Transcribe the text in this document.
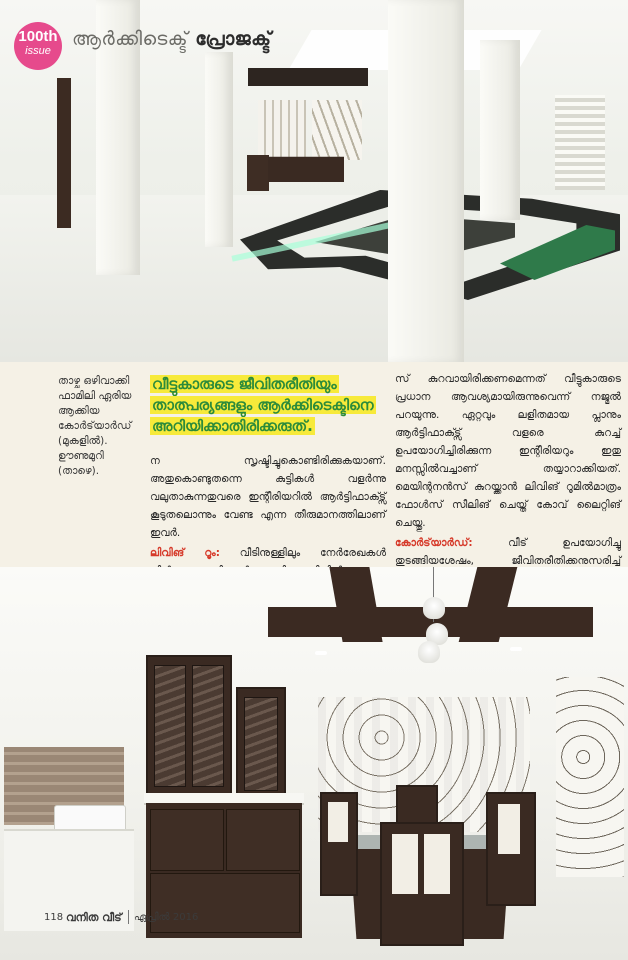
100th
issue
ആർക്കിടെക്ട് പ്രോജക്ട്
താഴ്ച ഒഴിവാക്കി
ഫാമിലി ഏരിയ
ആക്കിയ
കോർട്‌യാർഡ്
(മുകളിൽ).
ഊണുമുറി
(താഴെ).
വീട്ടുകാരുടെ ജീവിതരീതിയും
താത്പര്യങ്ങളും ആർക്കിടെക്ടിനെ
അറിയിക്കാതിരിക്കരുത്.
ന സൃഷ്ടിച്ചുകൊണ്ടിരിക്കുകയാണ്. അതുകൊണ്ടുതന്നെ കുട്ടികൾ വളർന്നു വലുതാകുന്നതുവരെ ഇന്റീരിയറിൽ ആർട്ടിഫാക്ട്സ് കൂടുതലൊന്നും വേണ്ട എന്ന തീരുമാനത്തിലാണ് ഇവർ.
ലിവിങ് റൂം: വീടിനുള്ളിലും നേർരേഖകൾ
സ് കുറവായിരിക്കണമെന്നത് വീട്ടുകാരുടെ പ്രധാന ആവശ്യമായിരുന്നുവെന്ന് നജ്മൽ പറയുന്നു. ഏറ്റവും ലളിതമായ പ്ലാനും ആർട്ടിഫാക്ട്സ് വളരെ കുറച്ച് ഉപയോഗിച്ചിരിക്കുന്ന ഇന്റീരിയറും ഇതു മനസ്സിൽവച്ചാണ് തയ്യാറാക്കിയത്. മെയിന്റനൻസ് കുറയ്ക്കാൻ ലിവിങ് റൂമിൽമാത്രം ഫോൾസ് സീലിങ് ചെയ്ത് കോവ് ലൈറ്റിങ് ചെയ്തു.
കോർട്‌യാർഡ്:	വീട് ഉപയോഗിച്ചു തുടങ്ങിയശേഷം, ജീവിതരീതിക്കനുസരിച്ച്
118 വനിത വീട് ഏപ്രിൽ 2016
